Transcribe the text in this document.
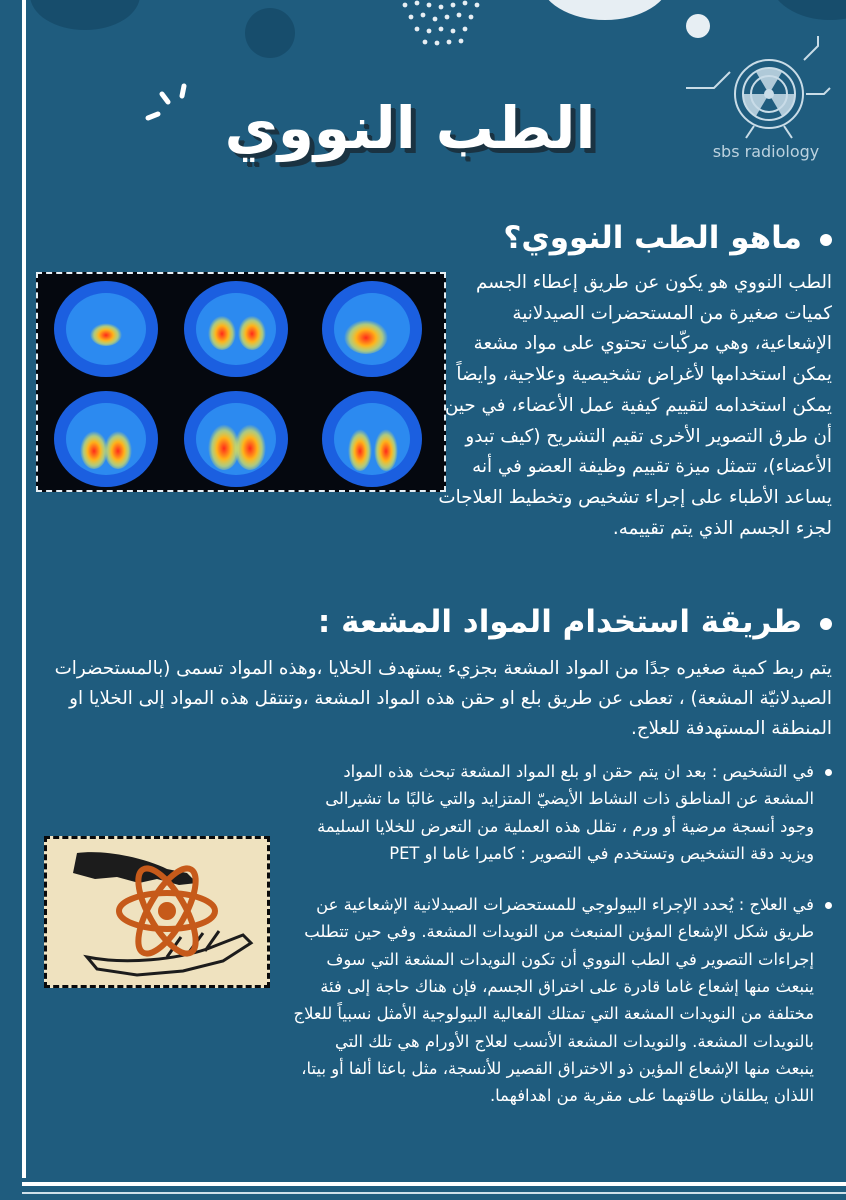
الطب النووي	sbs radiology
ماهو الطب النووي؟
الطب النووي هو يكون عن طريق إعطاء الجسم كميات صغيرة من المستحضرات الصيدلانية الإشعاعية، وهي مركّبات تحتوي على مواد مشعة يمكن استخدامها لأغراض تشخيصية وعلاجية، وايضاً يمكن استخدامه لتقييم كيفية عمل الأعضاء، في حين أن طرق التصوير الأخرى تقيم التشريح (كيف تبدو الأعضاء)، تتمثل ميزة تقييم وظيفة العضو في أنه يساعد الأطباء على إجراء تشخيص وتخطيط العلاجات لجزء الجسم الذي يتم تقييمه.
طريقة استخدام المواد المشعة :
يتم ربط كمية صغيره جدًا من المواد المشعة بجزيء يستهدف الخلايا ،وهذه المواد تسمى (بالمستحضرات الصيدلانيّة المشعة) ، تعطى عن طريق بلع او حقن هذه المواد المشعة ،وتنتقل هذه المواد إلى الخلايا او المنطقة المستهدفة للعلاج.
في التشخيص : بعد ان يتم حقن او بلع المواد المشعة تبحث هذه المواد المشعة عن المناطق ذات النشاط الأيضيّ المتزايد والتي غالبًا ما تشيرالى وجود أنسجة مرضية أو ورم ، تقلل هذه العملية من التعرض للخلايا السليمة ويزيد دقة التشخيص وتستخدم في التصوير : كاميرا غاما او PET
في العلاج : يُحدد الإجراء البيولوجي للمستحضرات الصيدلانية الإشعاعية عن طريق شكل الإشعاع المؤين المنبعث من النويدات المشعة. وفي حين تتطلب إجراءات التصوير في الطب النووي أن تكون النويدات المشعة التي سوف ينبعث منها إشعاع غاما قادرة على اختراق الجسم، فإن هناك حاجة إلى فئة مختلفة من النويدات المشعة التي تمتلك الفعالية البيولوجية الأمثل نسبياً للعلاج بالنويدات المشعة. والنويدات المشعة الأنسب لعلاج الأورام هي تلك التي ينبعث منها الإشعاع المؤين ذو الاختراق القصير للأنسجة، مثل باعثا ألفا أو بيتا، اللذان يطلقان طاقتهما على مقربة من اهدافهما.
